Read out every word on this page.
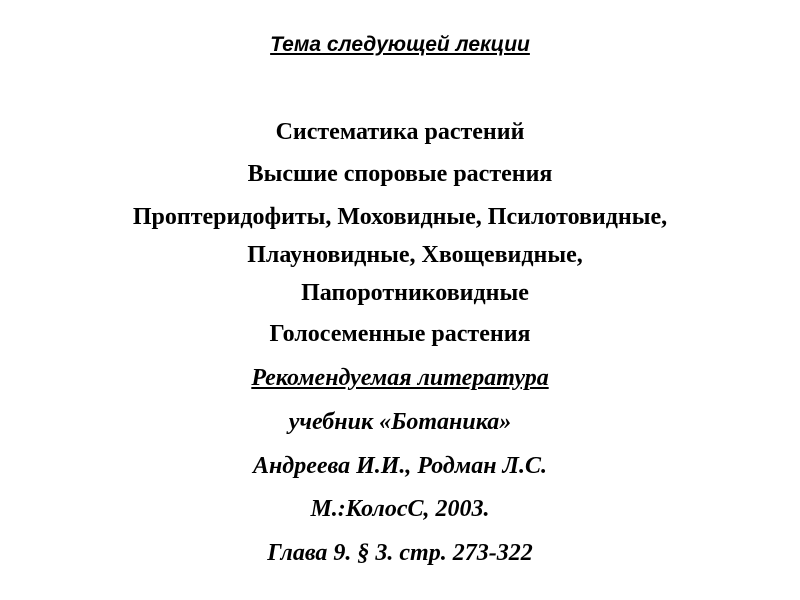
Тема следующей лекции
Систематика растений
Высшие споровые растения
Проптеридофиты, Моховидные, Псилотовидные,
Плауновидные, Хвощевидные,
Папоротниковидные
Голосеменные растения
Рекомендуемая литература
учебник «Ботаника»
Андреева И.И., Родман Л.С.
М.:КолосС, 2003.
Глава 9. § 3. стр. 273-322
